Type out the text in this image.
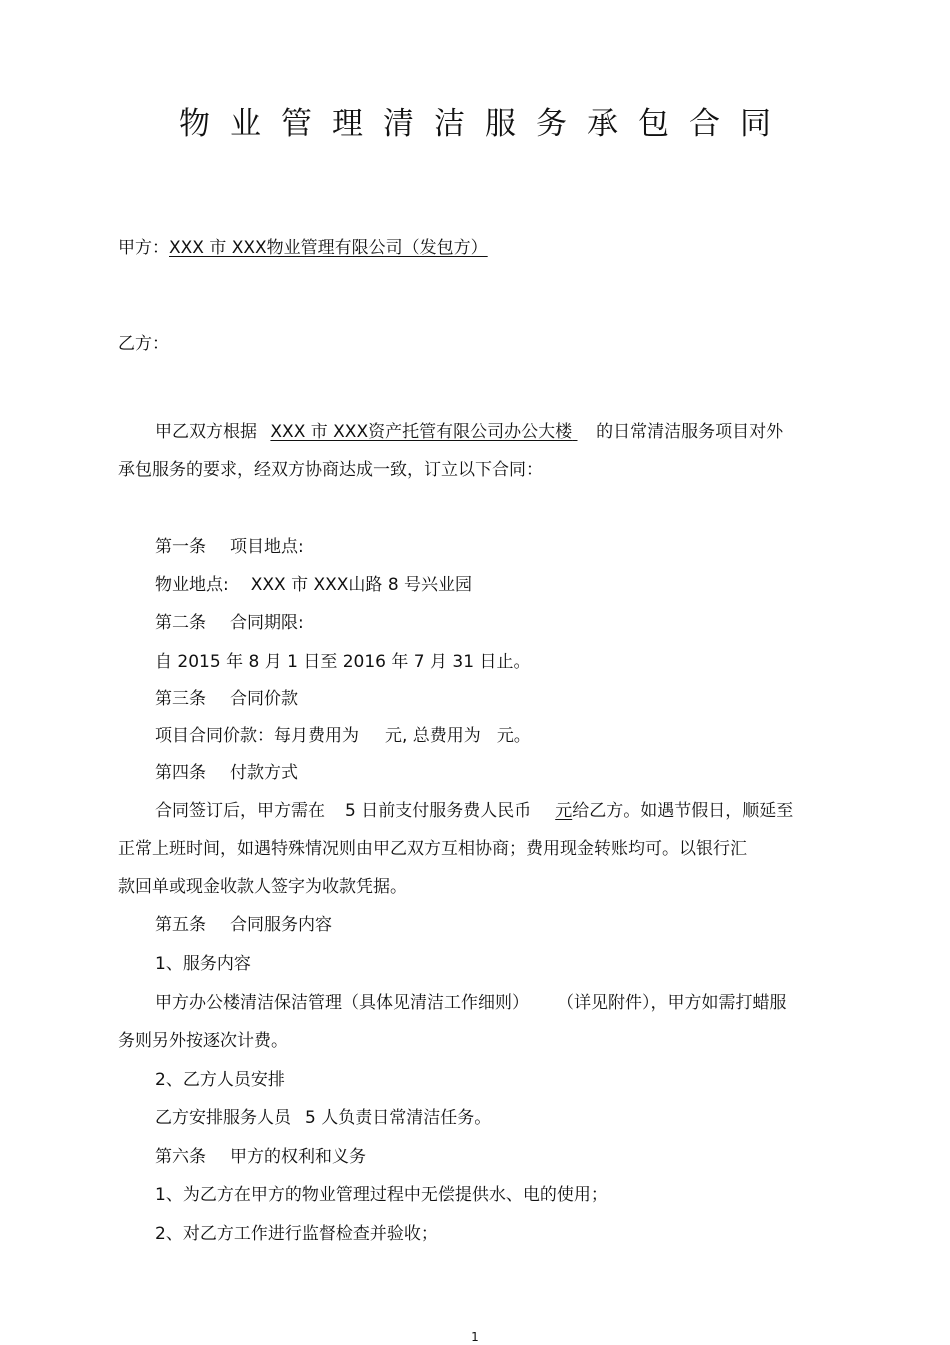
物业管理清洁服务承包合同
甲方：XXX 市 XXX物业管理有限公司（发包方）
乙方：
甲乙双方根据 XXX 市 XXX资产托管有限公司办公大楼 的日常清洁服务项目对外
承包服务的要求，经双方协商达成一致，订立以下合同：
第一条 项目地点:
物业地点: XXX 市 XXX山路 8 号兴业园
第二条 合同期限:
自 2015 年 8 月 1 日至 2016 年 7 月 31 日止。
第三条 合同价款
项目合同价款：每月费用为 元, 总费用为 元。
第四条 付款方式
合同签订后，甲方需在 5 日前支付服务费人民币 元给乙方。如遇节假日，顺延至
正常上班时间，如遇特殊情况则由甲乙双方互相协商；费用现金转账均可。以银行汇
款回单或现金收款人签字为收款凭据。
第五条 合同服务内容
1、服务内容
甲方办公楼清洁保洁管理（具体见清洁工作细则） （详见附件），甲方如需打蜡服
务则另外按逐次计费。
2、乙方人员安排
乙方安排服务人员 5 人负责日常清洁任务。
第六条 甲方的权利和义务
1、为乙方在甲方的物业管理过程中无偿提供水、电的使用；
2、对乙方工作进行监督检查并验收；
1
